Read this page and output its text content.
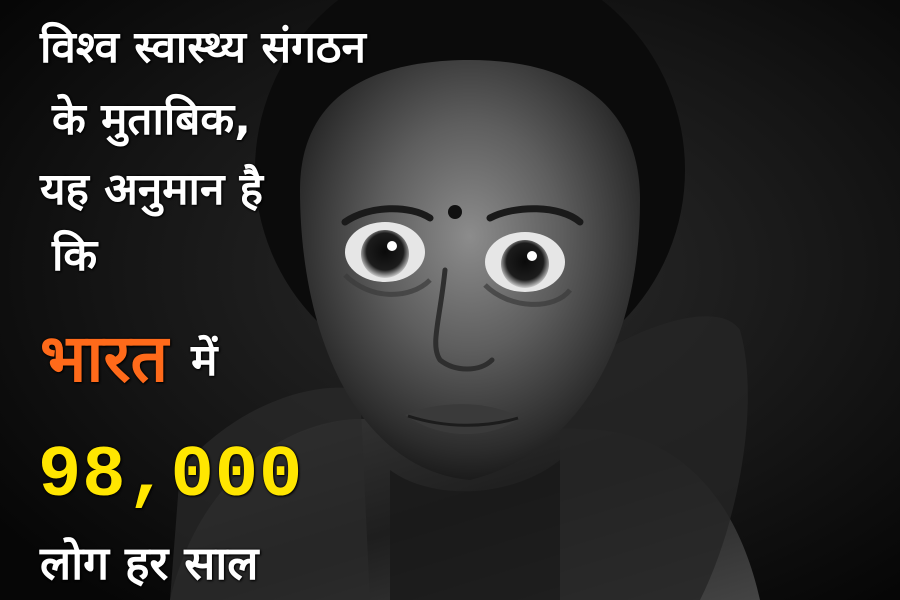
विश्व स्वास्थ्य संगठन
के मुताबिक,
यह अनुमान है
कि
भारत में
98,000
लोग हर साल
